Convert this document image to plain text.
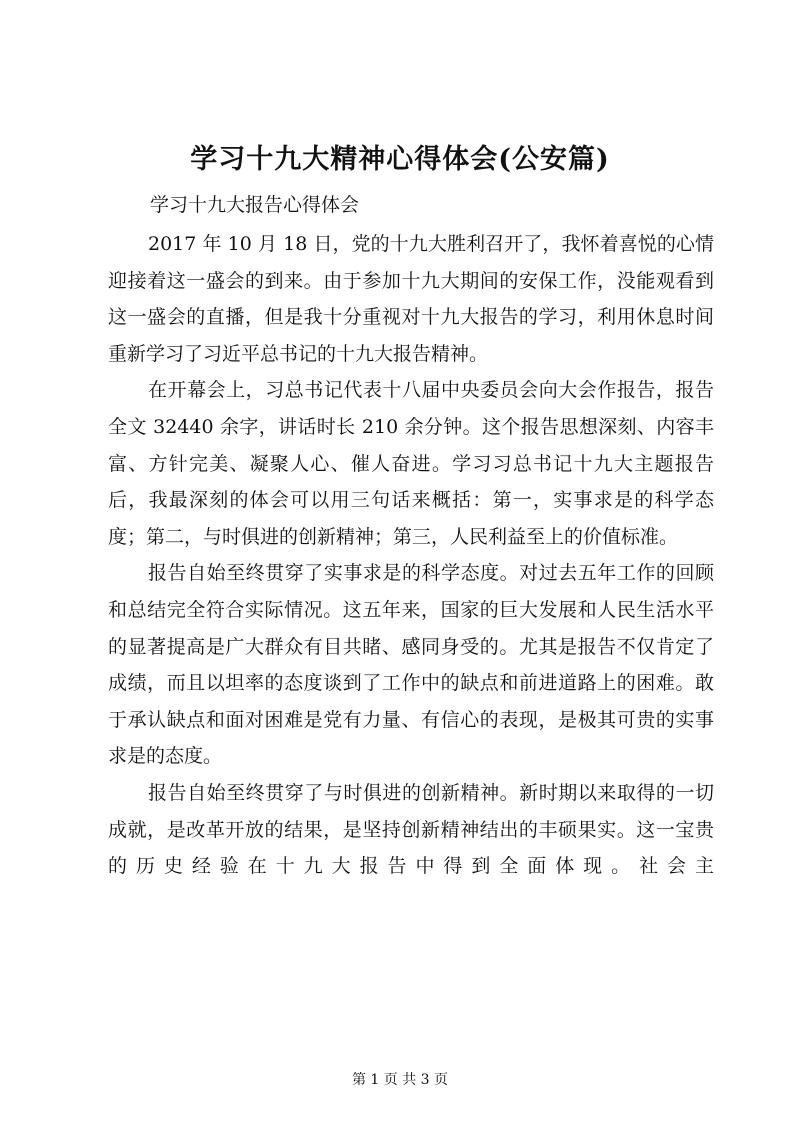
学习十九大精神心得体会(公安篇)
学习十九大报告心得体会

2017 年 10 月 18 日，党的十九大胜利召开了，我怀着喜悦的心情迎接着这一盛会的到来。由于参加十九大期间的安保工作，没能观看到这一盛会的直播，但是我十分重视对十九大报告的学习，利用休息时间重新学习了习近平总书记的十九大报告精神。

在开幕会上，习总书记代表十八届中央委员会向大会作报告，报告全文 32440 余字，讲话时长 210 余分钟。这个报告思想深刻、内容丰富、方针完美、凝聚人心、催人奋进。学习习总书记十九大主题报告后，我最深刻的体会可以用三句话来概括：第一，实事求是的科学态度；第二，与时俱进的创新精神；第三，人民利益至上的价值标准。

报告自始至终贯穿了实事求是的科学态度。对过去五年工作的回顾和总结完全符合实际情况。这五年来，国家的巨大发展和人民生活水平的显著提高是广大群众有目共睹、感同身受的。尤其是报告不仅肯定了成绩，而且以坦率的态度谈到了工作中的缺点和前进道路上的困难。敢于承认缺点和面对困难是党有力量、有信心的表现，是极其可贵的实事求是的态度。

报告自始至终贯穿了与时俱进的创新精神。新时期以来取得的一切成就，是改革开放的结果，是坚持创新精神结出的丰硕果实。这一宝贵的历史经验在十九大报告中得到全面体现。社会主

第 1 页 共 3 页
